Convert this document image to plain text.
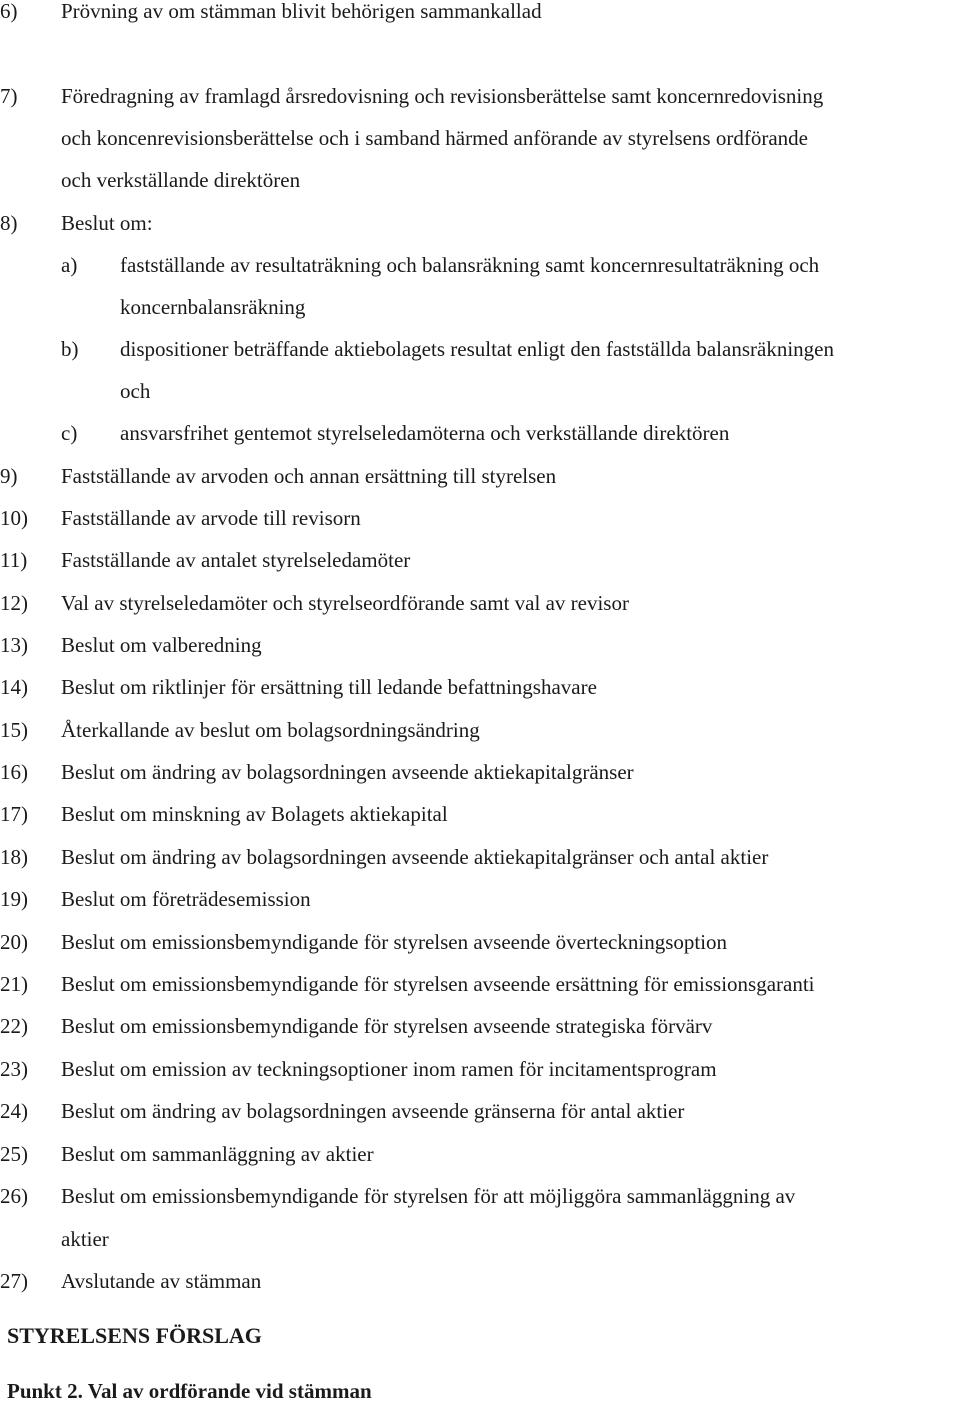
6) Prövning av om stämman blivit behörigen sammankallad
7) Föredragning av framlagd årsredovisning och revisionsberättelse samt koncernredovisning
och koncenrevisionsberättelse och i samband härmed anförande av styrelsens ordförande
och verkställande direktören
8) Beslut om:
a) fastställande av resultaträkning och balansräkning samt koncernresultaträkning och
koncernbalansräkning
b) dispositioner beträffande aktiebolagets resultat enligt den fastställda balansräkningen
och
c) ansvarsfrihet gentemot styrelseledamöterna och verkställande direktören
9) Fastställande av arvoden och annan ersättning till styrelsen
10) Fastställande av arvode till revisorn
11) Fastställande av antalet styrelseledamöter
12) Val av styrelseledamöter och styrelseordförande samt val av revisor
13) Beslut om valberedning
14) Beslut om riktlinjer för ersättning till ledande befattningshavare
15) Återkallande av beslut om bolagsordningsändring
16) Beslut om ändring av bolagsordningen avseende aktiekapitalgränser
17) Beslut om minskning av Bolagets aktiekapital
18) Beslut om ändring av bolagsordningen avseende aktiekapitalgränser och antal aktier
19) Beslut om företrädesemission
20) Beslut om emissionsbemyndigande för styrelsen avseende överteckningsoption
21) Beslut om emissionsbemyndigande för styrelsen avseende ersättning för emissionsgaranti
22) Beslut om emissionsbemyndigande för styrelsen avseende strategiska förvärv
23) Beslut om emission av teckningsoptioner inom ramen för incitamentsprogram
24) Beslut om ändring av bolagsordningen avseende gränserna för antal aktier
25) Beslut om sammanläggning av aktier
26) Beslut om emissionsbemyndigande för styrelsen för att möjliggöra sammanläggning av
aktier
27) Avslutande av stämman
STYRELSENS FÖRSLAG
Punkt 2. Val av ordförande vid stämman
